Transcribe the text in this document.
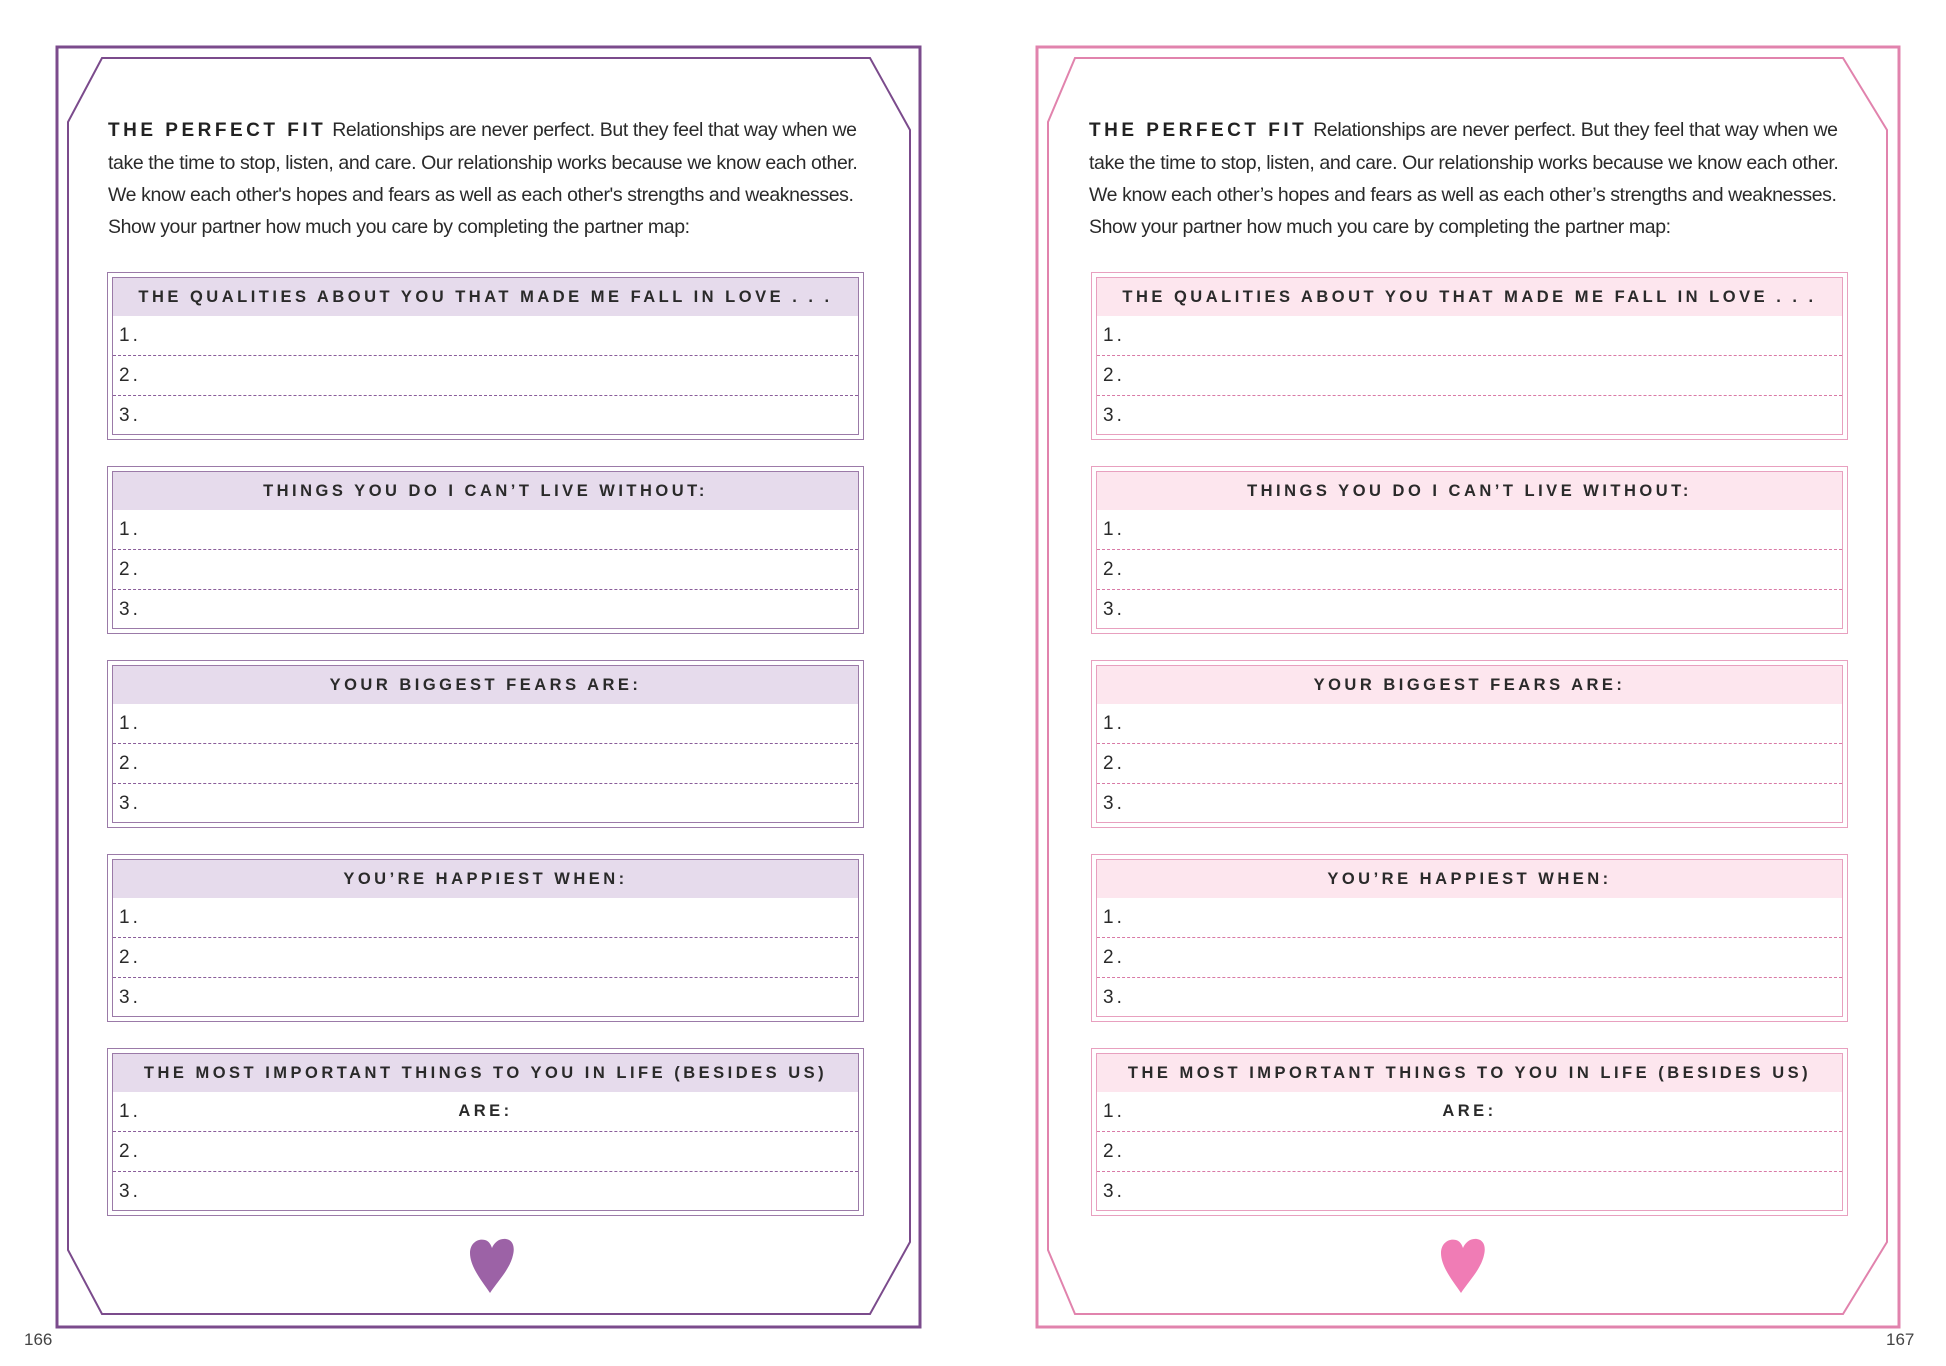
THE PERFECT FIT Relationships are never perfect. But they feel that way when we take the time to stop, listen, and care. Our relationship works because we know each other. We know each other's hopes and fears as well as each other's strengths and weaknesses. Show your partner how much you care by completing the partner map:
THE QUALITIES ABOUT YOU THAT MADE ME FALL IN LOVE . . .
1.
2.
3.
THINGS YOU DO I CAN’T LIVE WITHOUT:
1.
2.
3.
YOUR BIGGEST FEARS ARE:
1.
2.
3.
YOU’RE HAPPIEST WHEN:
1.
2.
3.
THE MOST IMPORTANT THINGS TO YOU IN LIFE (BESIDES US) ARE:
1.
2.
3.
166
THE PERFECT FIT Relationships are never perfect. But they feel that way when we take the time to stop, listen, and care. Our relationship works because we know each other. We know each other’s hopes and fears as well as each other’s strengths and weaknesses. Show your partner how much you care by completing the partner map:
THE QUALITIES ABOUT YOU THAT MADE ME FALL IN LOVE . . .
1.
2.
3.
THINGS YOU DO I CAN’T LIVE WITHOUT:
1.
2.
3.
YOUR BIGGEST FEARS ARE:
1.
2.
3.
YOU’RE HAPPIEST WHEN:
1.
2.
3.
THE MOST IMPORTANT THINGS TO YOU IN LIFE (BESIDES US) ARE:
1.
2.
3.
167
